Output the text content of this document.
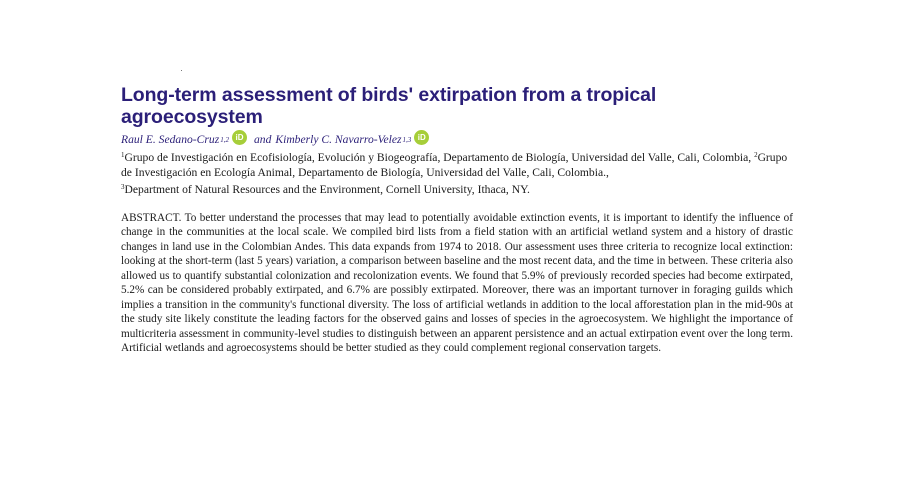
Long-term assessment of birds' extirpation from a tropical agroecosystem
Raul E. Sedano-Cruz 1,2 iD and Kimberly C. Navarro-Velez 1,3 iD
$^1$Grupo de Investigación en Ecofisiología, Evolución y Biogeografía, Departamento de Biología, Universidad del Valle, Cali, Colombia, $^2$Grupo de Investigación en Ecología Animal, Departamento de Biología, Universidad del Valle, Cali, Colombia.,
$^3$Department of Natural Resources and the Environment, Cornell University, Ithaca, NY.

ABSTRACT. To better understand the processes that may lead to potentially avoidable extinction events, it is important to identify the influence of change in the communities at the local scale. We compiled bird lists from a field station with an artificial wetland system and a history of drastic changes in land use in the Colombian Andes. This data expands from 1974 to 2018. Our assessment uses three criteria to recognize local extinction: looking at the short-term (last 5 years) variation, a comparison between baseline and the most recent data, and the time in between. These criteria also allowed us to quantify substantial colonization and recolonization events. We found that 5.9% of previously recorded species had become extirpated, 5.2% can be considered probably extirpated, and 6.7% are possibly extirpated. Moreover, there was an important turnover in foraging guilds which implies a transition in the community's functional diversity. The loss of artificial wetlands in addition to the local afforestation plan in the mid-90s at the study site likely constitute the leading factors for the observed gains and losses of species in the agroecosystem. We highlight the importance of multicriteria assessment in community-level studies to distinguish between an apparent persistence and an actual extirpation event over the long term. Artificial wetlands and agroecosystems should be better studied as they could complement regional conservation targets.
